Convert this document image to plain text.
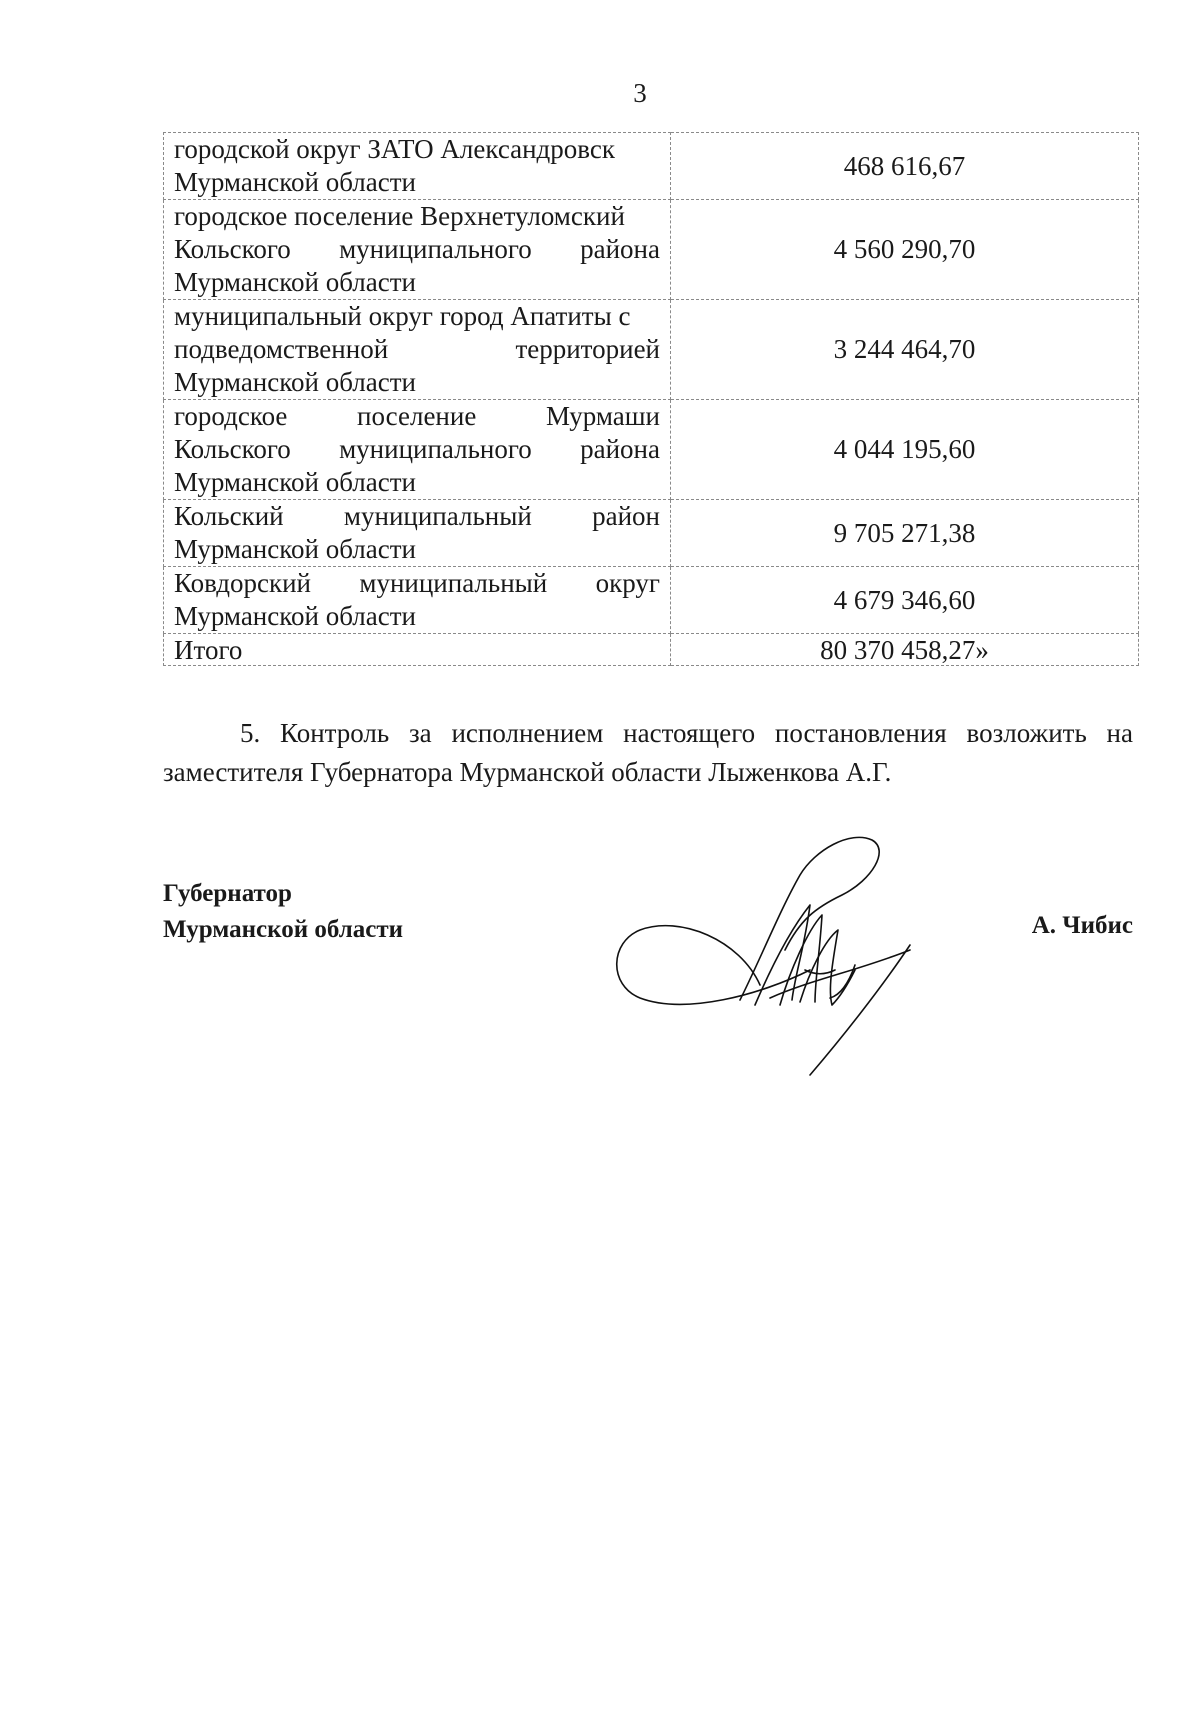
3
городской округ ЗАТО Александровск
Мурманской области	468 616,67

городское поселение Верхнетуломский
Кольского муниципального района
Мурманской области	4 560 290,70

муниципальный округ город Апатиты с
подведомственной территорией
Мурманской области	3 244 464,70

городское поселение Мурмаши
Кольского муниципального района
Мурманской области	4 044 195,60

Кольский муниципальный район
Мурманской области	9 705 271,38

Ковдорский муниципальный округ
Мурманской области	4 679 346,60
Итого	80 370 458,27»

5. Контроль за исполнением настоящего постановления возложить на заместителя Губернатора Мурманской области Лыженкова А.Г.

Губернатор
Мурманской области	А. Чибис
